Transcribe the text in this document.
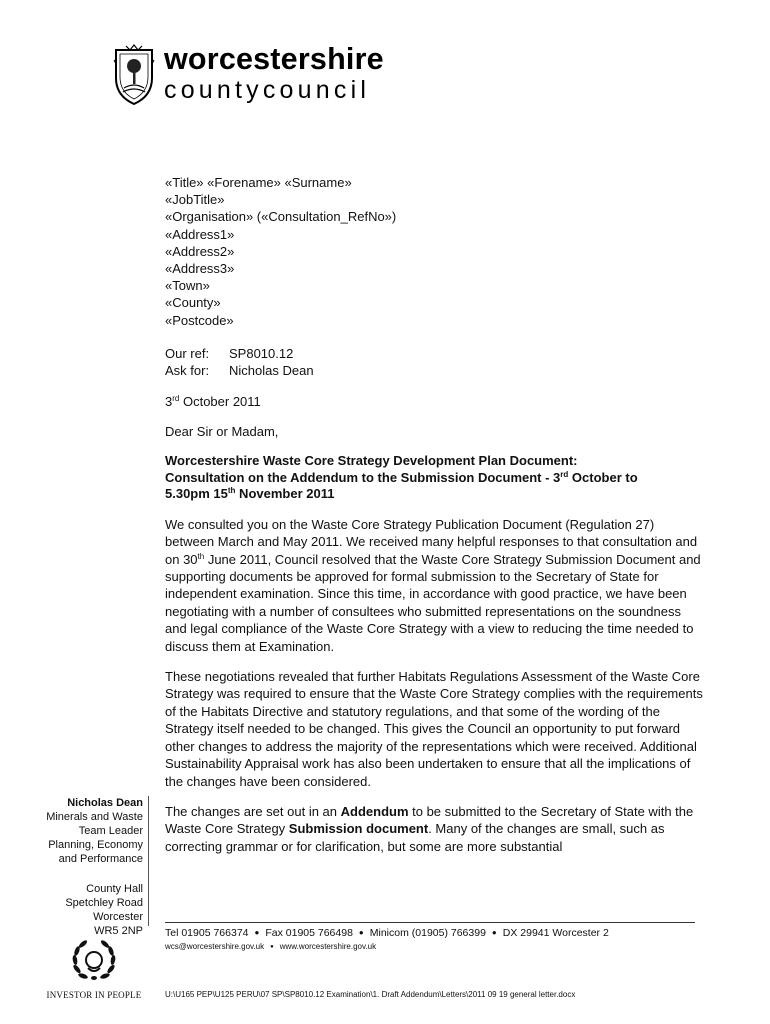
worcestershire
countycouncil
«Title» «Forename» «Surname»
«JobTitle»
«Organisation» («Consultation_RefNo»)
«Address1»
«Address2»
«Address3»
«Town»
«County»
«Postcode»
Our ref:	SP8010.12
Ask for:	Nicholas Dean
3rd October 2011
Dear Sir or Madam,
Worcestershire Waste Core Strategy Development Plan Document:
Consultation on the Addendum to the Submission Document - 3rd October to
5.30pm 15th November 2011
We consulted you on the Waste Core Strategy Publication Document (Regulation 27) between March and May 2011. We received many helpful responses to that consultation and on 30th June 2011, Council resolved that the Waste Core Strategy Submission Document and supporting documents be approved for formal submission to the Secretary of State for independent examination. Since this time, in accordance with good practice, we have been negotiating with a number of consultees who submitted representations on the soundness and legal compliance of the Waste Core Strategy with a view to reducing the time needed to discuss them at Examination.
These negotiations revealed that further Habitats Regulations Assessment of the Waste Core Strategy was required to ensure that the Waste Core Strategy complies with the requirements of the Habitats Directive and statutory regulations, and that some of the wording of the Strategy itself needed to be changed. This gives the Council an opportunity to put forward other changes to address the majority of the representations which were received. Additional Sustainability Appraisal work has also been undertaken to ensure that all the implications of the changes have been considered.
The changes are set out in an Addendum to be submitted to the Secretary of State with the Waste Core Strategy Submission document. Many of the changes are small, such as correcting grammar or for clarification, but some are more substantial
Nicholas Dean
Minerals and Waste
Team Leader
Planning, Economy
and Performance
County Hall
Spetchley Road
Worcester
WR5 2NP
INVESTOR IN PEOPLE
Tel 01905 766374 ● Fax 01905 766498 ● Minicom (01905) 766399 ● DX 29941 Worcester 2
wcs@worcestershire.gov.uk ● www.worcestershire.gov.uk
U:\U165 PEP\U125 PERU\07 SP\SP8010.12 Examination\1. Draft Addendum\Letters\2011 09 19 general letter.docx
